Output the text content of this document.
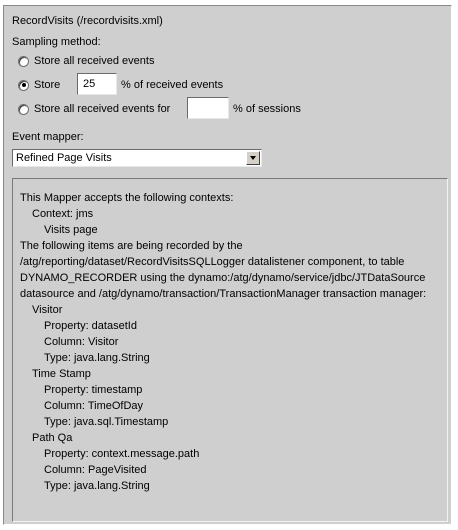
RecordVisits (/recordvisits.xml)
Sampling method:
Store all received events
Store	25	% of received events
Store all received events for	% of sessions
Event mapper:
Refined Page Visits
This Mapper accepts the following contexts:
Context: jms
Visits page
The following items are being recorded by the
/atg/reporting/dataset/RecordVisitsSQLLogger datalistener component, to table
DYNAMO_RECORDER using the dynamo:/atg/dynamo/service/jdbc/JTDataSource
datasource and /atg/dynamo/transaction/TransactionManager transaction manager:
Visitor
Property: datasetId
Column: Visitor
Type: java.lang.String
Time Stamp
Property: timestamp
Column: TimeOfDay
Type: java.sql.Timestamp
Path Qa
Property: context.message.path
Column: PageVisited
Type: java.lang.String
